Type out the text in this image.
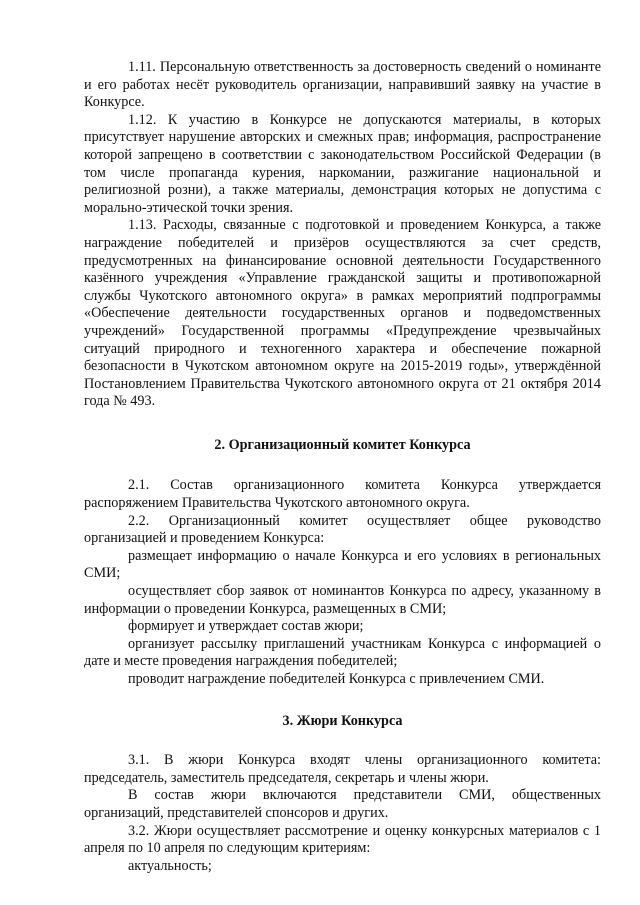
1.11. Персональную ответственность за достоверность сведений о номинанте и его работах несёт руководитель организации, направивший заявку на участие в Конкурсе.

1.12. К участию в Конкурсе не допускаются материалы, в которых присутствует нарушение авторских и смежных прав; информация, распространение которой запрещено в соответствии с законодательством Российской Федерации (в том числе пропаганда курения, наркомании, разжигание национальной и религиозной розни), а также материалы, демонстрация которых не допустима с морально-этической точки зрения.

1.13. Расходы, связанные с подготовкой и проведением Конкурса, а также награждение победителей и призёров осуществляются за счет средств, предусмотренных на финансирование основной деятельности Государственного казённого учреждения «Управление гражданской защиты и противопожарной службы Чукотского автономного округа» в рамках мероприятий подпрограммы «Обеспечение деятельности государственных органов и подведомственных учреждений» Государственной программы «Предупреждение чрезвычайных ситуаций природного и техногенного характера и обеспечение пожарной безопасности в Чукотском автономном округе на 2015-2019 годы», утверждённой Постановлением Правительства Чукотского автономного округа от 21 октября 2014 года № 493.

2. Организационный комитет Конкурса

2.1. Состав организационного комитета Конкурса утверждается распоряжением Правительства Чукотского автономного округа.

2.2. Организационный комитет осуществляет общее руководство организацией и проведением Конкурса:

размещает информацию о начале Конкурса и его условиях в региональных СМИ;

осуществляет сбор заявок от номинантов Конкурса по адресу, указанному в информации о проведении Конкурса, размещенных в СМИ;

формирует и утверждает состав жюри;

организует рассылку приглашений участникам Конкурса с информацией о дате и месте проведения награждения победителей;

проводит награждение победителей Конкурса с привлечением СМИ.

3. Жюри Конкурса

3.1. В жюри Конкурса входят члены организационного комитета: председатель, заместитель председателя, секретарь и члены жюри.

В состав жюри включаются представители СМИ, общественных организаций, представителей спонсоров и других.

3.2. Жюри осуществляет рассмотрение и оценку конкурсных материалов с 1 апреля по 10 апреля по следующим критериям:

актуальность;
